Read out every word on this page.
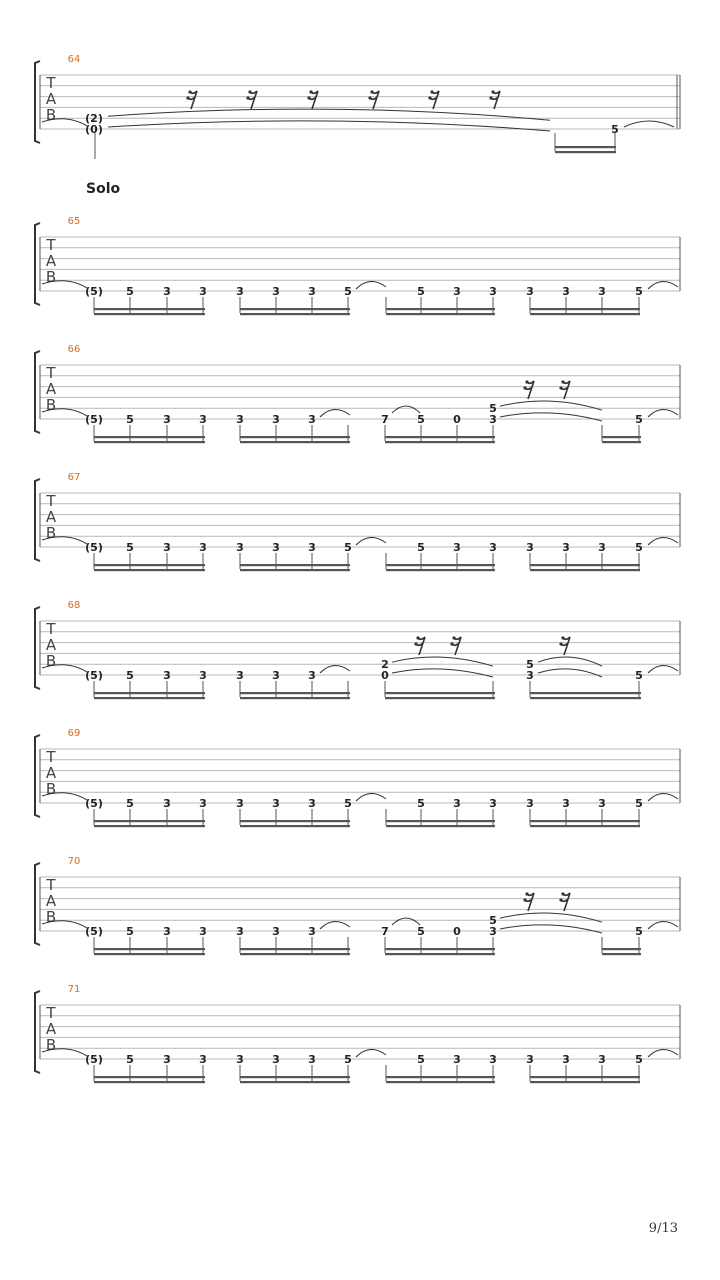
64
T
A
B	(2)
(0)	5
65
T
A
B
(5) 5	3	3	3	3	3	5	5	3	3	3	3	3	5
66
T
A
B
(5) 5	3	3	3	3	3	7	5	0
5
3	5
67
T
A
B
(5) 5	3	3	3	3	3	5	5	3	3	3	3	3	5
68
T
A
B
(5) 5	3	3	3	3	3
2
0
5
3	5
69
T
A
B
(5) 5	3	3	3	3	3	5	5	3	3	3	3	3	5
70
T
A
B
(5) 5	3	3	3	3	3	7	5	0
5
3	5
71
T
A
B
(5) 5	3	3	3	3	3	5	5	3	3	3	3	3	5
Solo
9/13
